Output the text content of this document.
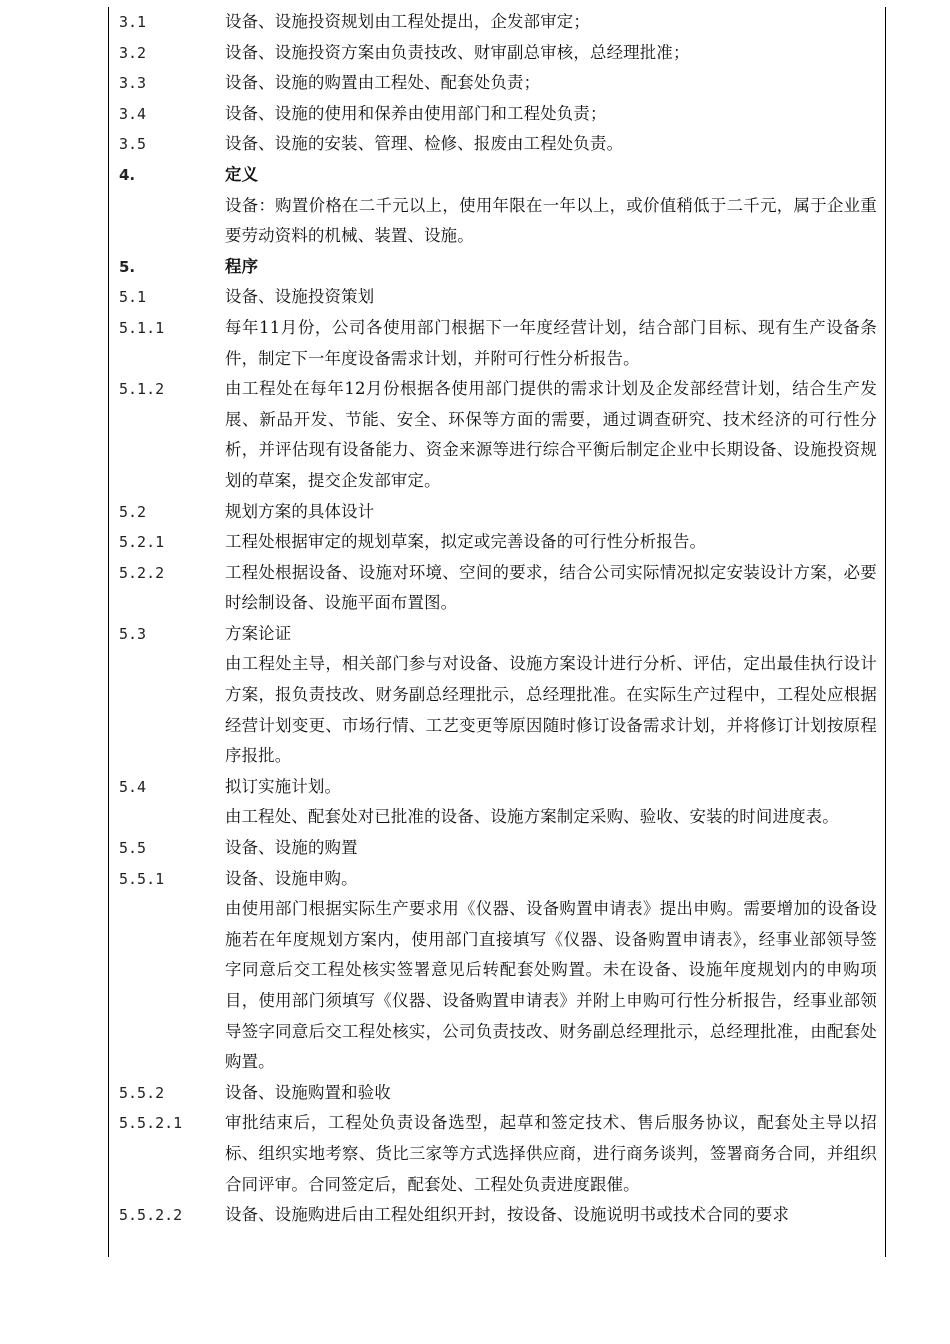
3.1	设备、设施投资规划由工程处提出，企发部审定；
3.2	设备、设施投资方案由负责技改、财审副总审核，总经理批准；
3.3	设备、设施的购置由工程处、配套处负责；
3.4	设备、设施的使用和保养由使用部门和工程处负责；
3.5	设备、设施的安装、管理、检修、报废由工程处负责。
4.	定义
设备：购置价格在二千元以上，使用年限在一年以上，或价值稍低于二千元，属于企业重要劳动资料的机械、装置、设施。
5.	程序
5.1	设备、设施投资策划
5.1.1	每年11月份，公司各使用部门根据下一年度经营计划，结合部门目标、现有生产设备条件，制定下一年度设备需求计划，并附可行性分析报告。
5.1.2	由工程处在每年12月份根据各使用部门提供的需求计划及企发部经营计划，结合生产发展、新品开发、节能、安全、环保等方面的需要，通过调查研究、技术经济的可行性分析，并评估现有设备能力、资金来源等进行综合平衡后制定企业中长期设备、设施投资规划的草案，提交企发部审定。
5.2	规划方案的具体设计
5.2.1	工程处根据审定的规划草案，拟定或完善设备的可行性分析报告。
5.2.2	工程处根据设备、设施对环境、空间的要求，结合公司实际情况拟定安装设计方案，必要时绘制设备、设施平面布置图。
5.3	方案论证
由工程处主导，相关部门参与对设备、设施方案设计进行分析、评估，定出最佳执行设计方案，报负责技改、财务副总经理批示，总经理批准。在实际生产过程中，工程处应根据经营计划变更、市场行情、工艺变更等原因随时修订设备需求计划，并将修订计划按原程序报批。
5.4	拟订实施计划。
由工程处、配套处对已批准的设备、设施方案制定采购、验收、安装的时间进度表。
5.5	设备、设施的购置
5.5.1	设备、设施申购。
由使用部门根据实际生产要求用《仪器、设备购置申请表》提出申购。需要增加的设备设施若在年度规划方案内，使用部门直接填写《仪器、设备购置申请表》，经事业部领导签字同意后交工程处核实签署意见后转配套处购置。未在设备、设施年度规划内的申购项目，使用部门须填写《仪器、设备购置申请表》并附上申购可行性分析报告，经事业部领导签字同意后交工程处核实，公司负责技改、财务副总经理批示，总经理批准，由配套处购置。
5.5.2	设备、设施购置和验收
5.5.2.1	审批结束后，工程处负责设备选型，起草和签定技术、售后服务协议，配套处主导以招标、组织实地考察、货比三家等方式选择供应商，进行商务谈判，签署商务合同，并组织合同评审。合同签定后，配套处、工程处负责进度跟催。
5.5.2.2	设备、设施购进后由工程处组织开封，按设备、设施说明书或技术合同的要求
